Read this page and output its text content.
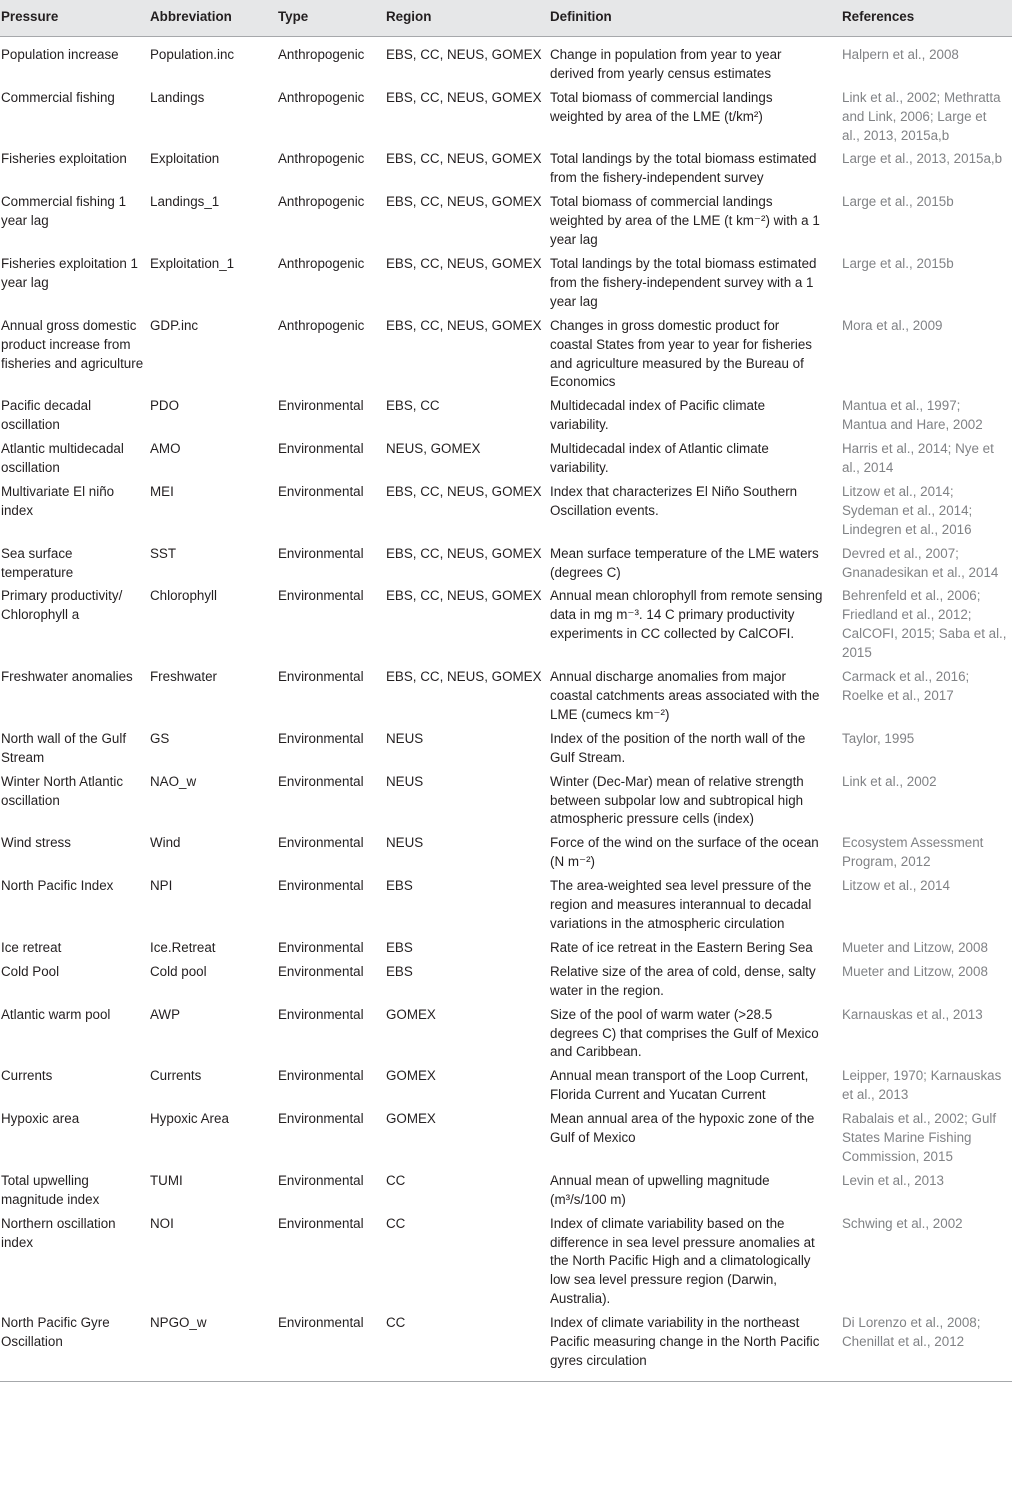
Pressure	Abbreviation	Type	Region	Definition	References
Population increase	Population.inc	Anthropogenic	EBS, CC, NEUS, GOMEX	Change in population from year to year derived from yearly census estimates	Halpern et al., 2008
Commercial fishing	Landings	Anthropogenic	EBS, CC, NEUS, GOMEX	Total biomass of commercial landings weighted by area of the LME (t/km²)	Link et al., 2002; Methratta and Link, 2006; Large et al., 2013, 2015a,b
Fisheries exploitation	Exploitation	Anthropogenic	EBS, CC, NEUS, GOMEX	Total landings by the total biomass estimated from the fishery-independent survey	Large et al., 2013, 2015a,b
Commercial fishing 1 year lag	Landings_1	Anthropogenic	EBS, CC, NEUS, GOMEX	Total biomass of commercial landings weighted by area of the LME (t km⁻²) with a 1 year lag	Large et al., 2015b
Fisheries exploitation 1 year lag	Exploitation_1	Anthropogenic	EBS, CC, NEUS, GOMEX	Total landings by the total biomass estimated from the fishery-independent survey with a 1 year lag	Large et al., 2015b
Annual gross domestic product increase from fisheries and agriculture	GDP.inc	Anthropogenic	EBS, CC, NEUS, GOMEX	Changes in gross domestic product for coastal States from year to year for fisheries and agriculture measured by the Bureau of Economics	Mora et al., 2009
Pacific decadal oscillation	PDO	Environmental	EBS, CC	Multidecadal index of Pacific climate variability.	Mantua et al., 1997; Mantua and Hare, 2002
Atlantic multidecadal oscillation	AMO	Environmental	NEUS, GOMEX	Multidecadal index of Atlantic climate variability.	Harris et al., 2014; Nye et al., 2014
Multivariate El niño index	MEI	Environmental	EBS, CC, NEUS, GOMEX	Index that characterizes El Niño Southern Oscillation events.	Litzow et al., 2014; Sydeman et al., 2014; Lindegren et al., 2016
Sea surface temperature	SST	Environmental	EBS, CC, NEUS, GOMEX	Mean surface temperature of the LME waters (degrees C)	Devred et al., 2007; Gnanadesikan et al., 2014
Primary productivity/ Chlorophyll a	Chlorophyll	Environmental	EBS, CC, NEUS, GOMEX	Annual mean chlorophyll from remote sensing data in mg m⁻³. 14 C primary productivity experiments in CC collected by CalCOFI.	Behrenfeld et al., 2006; Friedland et al., 2012; CalCOFI, 2015; Saba et al., 2015
Freshwater anomalies	Freshwater	Environmental	EBS, CC, NEUS, GOMEX	Annual discharge anomalies from major coastal catchments areas associated with the LME (cumecs km⁻²)	Carmack et al., 2016; Roelke et al., 2017
North wall of the Gulf Stream	GS	Environmental	NEUS	Index of the position of the north wall of the Gulf Stream.	Taylor, 1995
Winter North Atlantic oscillation	NAO_w	Environmental	NEUS	Winter (Dec-Mar) mean of relative strength between subpolar low and subtropical high atmospheric pressure cells (index)	Link et al., 2002
Wind stress	Wind	Environmental	NEUS	Force of the wind on the surface of the ocean (N m⁻²)	Ecosystem Assessment Program, 2012
North Pacific Index	NPI	Environmental	EBS	The area-weighted sea level pressure of the region and measures interannual to decadal variations in the atmospheric circulation	Litzow et al., 2014
Ice retreat	Ice.Retreat	Environmental	EBS	Rate of ice retreat in the Eastern Bering Sea	Mueter and Litzow, 2008
Cold Pool	Cold pool	Environmental	EBS	Relative size of the area of cold, dense, salty water in the region.	Mueter and Litzow, 2008
Atlantic warm pool	AWP	Environmental	GOMEX	Size of the pool of warm water (>28.5 degrees C) that comprises the Gulf of Mexico and Caribbean.	Karnauskas et al., 2013
Currents	Currents	Environmental	GOMEX	Annual mean transport of the Loop Current, Florida Current and Yucatan Current	Leipper, 1970; Karnauskas et al., 2013
Hypoxic area	Hypoxic Area	Environmental	GOMEX	Mean annual area of the hypoxic zone of the Gulf of Mexico	Rabalais et al., 2002; Gulf States Marine Fishing Commission, 2015
Total upwelling magnitude index	TUMI	Environmental	CC	Annual mean of upwelling magnitude (m³/s/100 m)	Levin et al., 2013
Northern oscillation index	NOI	Environmental	CC	Index of climate variability based on the difference in sea level pressure anomalies at the North Pacific High and a climatologically low sea level pressure region (Darwin, Australia).	Schwing et al., 2002
North Pacific Gyre Oscillation	NPGO_w	Environmental	CC	Index of climate variability in the northeast Pacific measuring change in the North Pacific gyres circulation	Di Lorenzo et al., 2008; Chenillat et al., 2012
